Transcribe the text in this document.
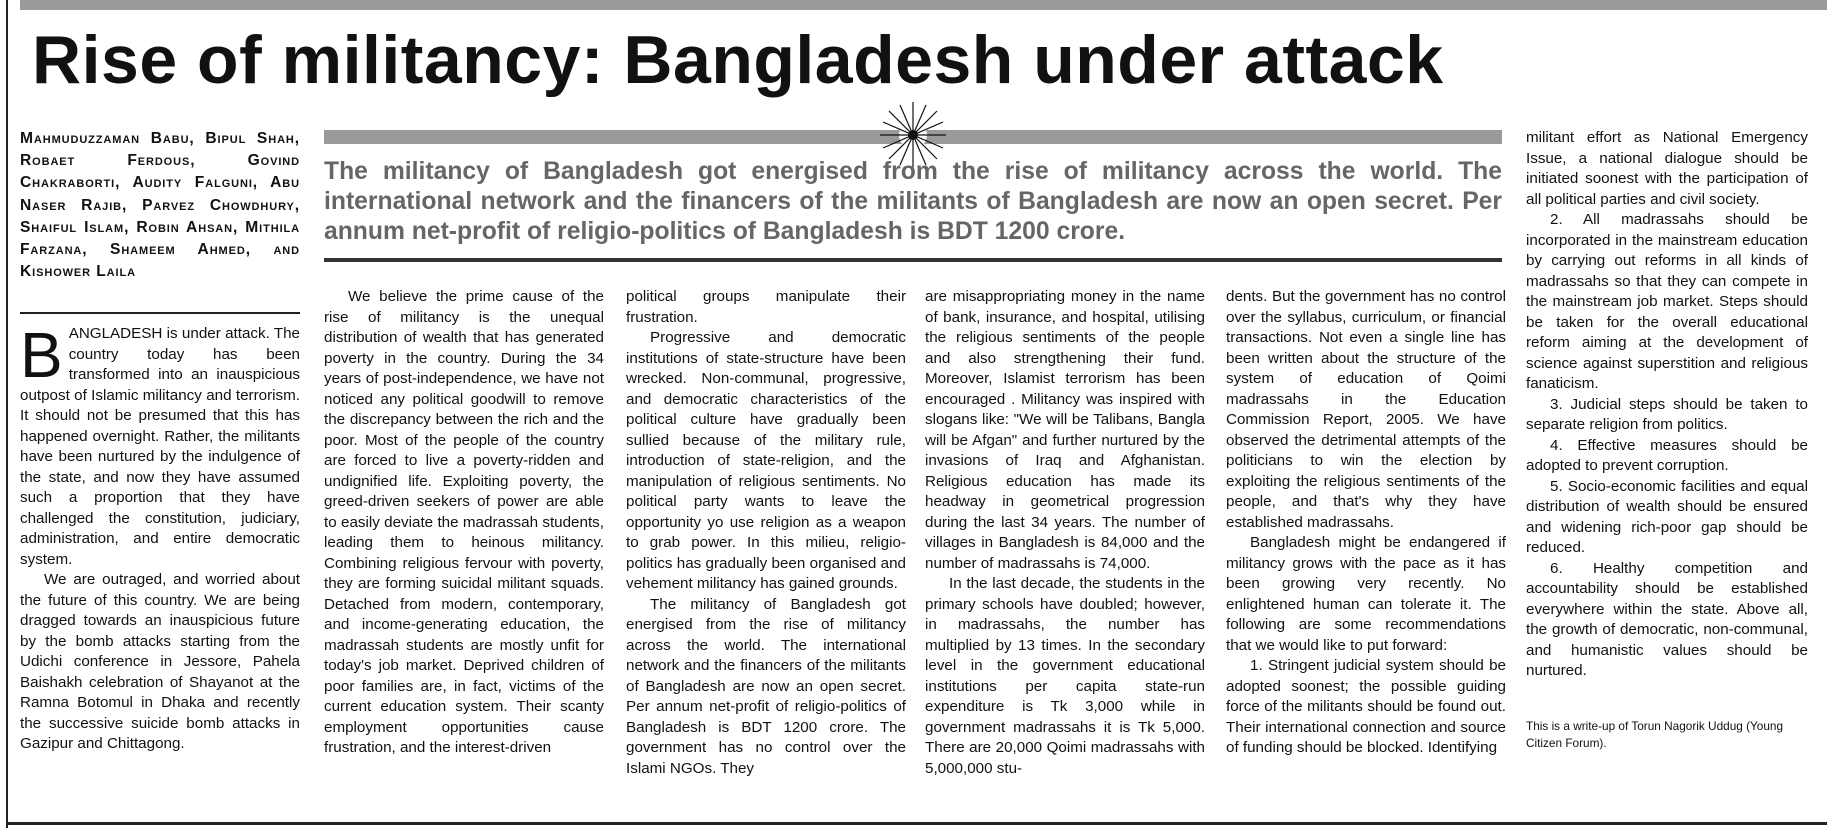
Rise of militancy: Bangladesh under attack
Mahmuduzzaman Babu, Bipul Shah, Robaet Ferdous, Govind Chakraborti, Audity Falguni, Abu Naser Rajib, Parvez Chowdhury, Shaiful Islam, Robin Ahsan, Mithila Farzana, Shameem Ahmed, and Kishower Laila
The militancy of Bangladesh got energised from the rise of militancy across the world. The international network and the financers of the militants of Bangladesh are now an open secret. Per annum net-profit of religio-politics of Bangladesh is BDT 1200 crore.

BANGLADESH is under attack. The country today has been transformed into an inauspicious outpost of Islamic militancy and terrorism. It should not be presumed that this has happened overnight. Rather, the militants have been nurtured by the indulgence of the state, and now they have assumed such a proportion that they have challenged the constitution, judiciary, administration, and entire democratic system.

We are outraged, and worried about the future of this country. We are being dragged towards an inauspicious future by the bomb attacks starting from the Udichi conference in Jessore, Pahela Baishakh celebration of Shayanot at the Ramna Botomul in Dhaka and recently the successive suicide bomb attacks in Gazipur and Chittagong.

We believe the prime cause of the rise of militancy is the unequal distribution of wealth that has generated poverty in the country. During the 34 years of post-independence, we have not noticed any political goodwill to remove the discrepancy between the rich and the poor. Most of the people of the country are forced to live a poverty-ridden and undignified life. Exploiting poverty, the greed-driven seekers of power are able to easily deviate the madrassah students, leading them to heinous militancy. Combining religious fervour with poverty, they are forming suicidal militant squads. Detached from modern, contemporary, and income-generating education, the madrassah students are mostly unfit for today's job market. Deprived children of poor families are, in fact, victims of the current education system. Their scanty employment opportunities cause frustration, and the interest-driven

political groups manipulate their frustration.

Progressive and democratic institutions of state-structure have been wrecked. Non-communal, progressive, and democratic characteristics of the political culture have gradually been sullied because of the military rule, introduction of state-religion, and the manipulation of religious sentiments. No political party wants to leave the opportunity yo use religion as a weapon to grab power. In this milieu, religio-politics has gradually been organised and vehement militancy has gained grounds.

The militancy of Bangladesh got energised from the rise of militancy across the world. The international network and the financers of the militants of Bangladesh are now an open secret. Per annum net-profit of religio-politics of Bangladesh is BDT 1200 crore. The government has no control over the Islami NGOs. They

are misappropriating money in the name of bank, insurance, and hospital, utilising the religious sentiments of the people and also strengthening their fund. Moreover, Islamist terrorism has been encouraged . Militancy was inspired with slogans like: "We will be Talibans, Bangla will be Afgan" and further nurtured by the invasions of Iraq and Afghanistan. Religious education has made its headway in geometrical progression during the last 34 years. The number of villages in Bangladesh is 84,000 and the number of madrassahs is 74,000.

In the last decade, the students in the primary schools have doubled; however, in madrassahs, the number has multiplied by 13 times. In the secondary level in the government educational institutions per capita state-run expenditure is Tk 3,000 while in government madrassahs it is Tk 5,000. There are 20,000 Qoimi madrassahs with 5,000,000 stu-

dents. But the government has no control over the syllabus, curriculum, or financial transactions. Not even a single line has been written about the structure of the system of education of Qoimi madrassahs in the Education Commission Report, 2005. We have observed the detrimental attempts of the politicians to win the election by exploiting the religious sentiments of the people, and that's why they have established madrassahs.

Bangladesh might be endangered if militancy grows with the pace as it has been growing very recently. No enlightened human can tolerate it. The following are some recommendations that we would like to put forward:

1. Stringent judicial system should be adopted soonest; the possible guiding force of the militants should be found out. Their international connection and source of funding should be blocked. Identifying

militant effort as National Emergency Issue, a national dialogue should be initiated soonest with the participation of all political parties and civil society.

2. All madrassahs should be incorporated in the mainstream education by carrying out reforms in all kinds of madrassahs so that they can compete in the mainstream job market. Steps should be taken for the overall educational reform aiming at the development of science against superstition and religious fanaticism.

3. Judicial steps should be taken to separate religion from politics.

4. Effective measures should be adopted to prevent corruption.

5. Socio-economic facilities and equal distribution of wealth should be ensured and widening rich-poor gap should be reduced.

6. Healthy competition and accountability should be established everywhere within the state. Above all, the growth of democratic, non-communal, and humanistic values should be nurtured.

This is a write-up of Torun Nagorik Uddug (Young Citizen Forum).
